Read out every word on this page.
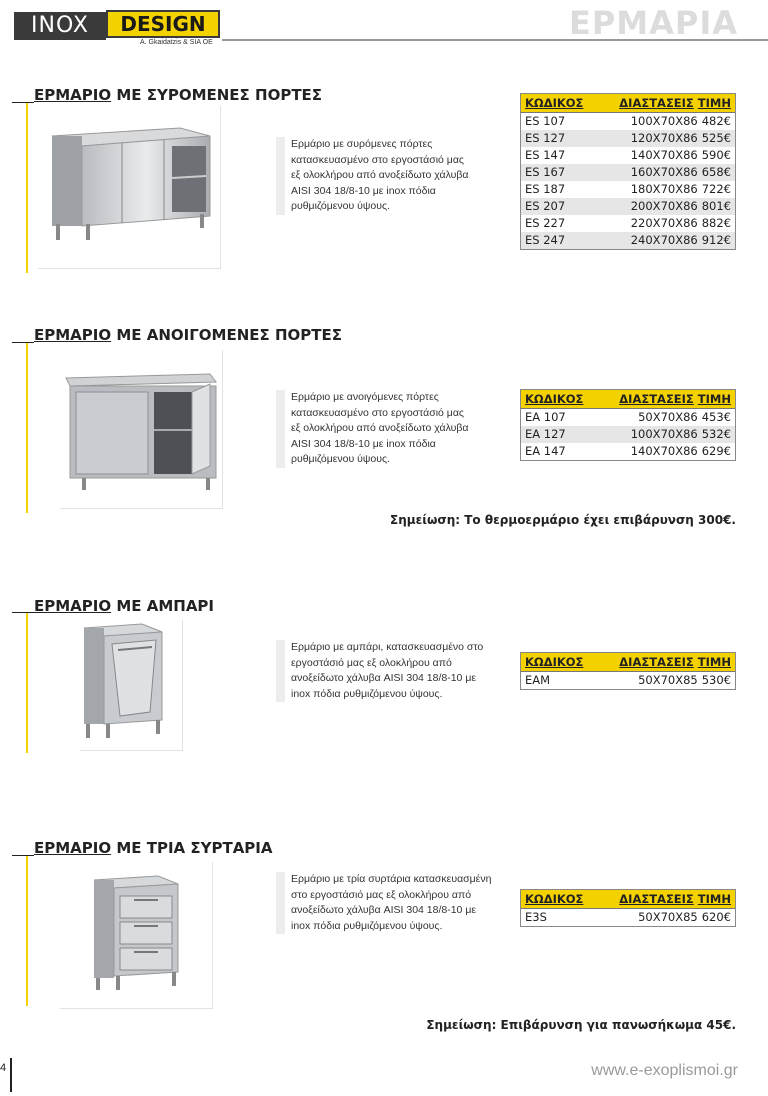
INOX	DESIGN
A. Gkaidatzis & SIA OE
ΕΡΜΑΡΙΑ
ΕΡΜΑΡΙΟ ΜΕ ΣΥΡΟΜΕΝΕΣ ΠΟΡΤΕΣ
Ερμάριο με συρόμενες πόρτες
κατασκευασμένο στο εργοστάσιό μας
εξ ολοκλήρου από ανοξείδωτο χάλυβα
AISI 304 18/8-10 με inox πόδια
ρυθμιζόμενου ύψους.
ΚΩΔΙΚΟΣ	ΔΙΑΣΤΑΣΕΙΣ ΤΙΜΗ
ES 107	100X70X86 482€
ES 127	120X70X86 525€
ES 147	140X70X86 590€
ES 167	160X70X86 658€
ES 187	180X70X86 722€
ES 207	200X70X86 801€
ES 227	220X70X86 882€
ES 247	240X70X86 912€
ΕΡΜΑΡΙΟ ΜΕ ΑΝΟΙΓΟΜΕΝΕΣ ΠΟΡΤΕΣ
Ερμάριο με ανοιγόμενες πόρτες
κατασκευασμένο στο εργοστάσιό μας
εξ ολοκλήρου από ανοξείδωτο χάλυβα
AISI 304 18/8-10 με inox πόδια
ρυθμιζόμενου ύψους.
ΚΩΔΙΚΟΣ	ΔΙΑΣΤΑΣΕΙΣ ΤΙΜΗ
EA 107	50X70X86 453€
EA 127	100X70X86 532€
EA 147	140X70X86 629€
Σημείωση: Το θερμοερμάριο έχει επιβάρυνση 300€.
ΕΡΜΑΡΙΟ ΜΕ ΑΜΠΑΡΙ
Ερμάριο με αμπάρι, κατασκευασμένο στο
εργοστάσιό μας εξ ολοκλήρου από
ανοξείδωτο χάλυβα AISI 304 18/8-10 με
inox πόδια ρυθμιζόμενου ύψους.
ΚΩΔΙΚΟΣ	ΔΙΑΣΤΑΣΕΙΣ ΤΙΜΗ
EAM	50X70X85 530€
ΕΡΜΑΡΙΟ ΜΕ ΤΡΙΑ ΣΥΡΤΑΡΙΑ
Ερμάριο με τρία συρτάρια κατασκευασμένη
στο εργοστάσιό μας εξ ολοκλήρου από
ανοξείδωτο χάλυβα AISI 304 18/8-10 με
inox πόδια ρυθμιζόμενου ύψους.
ΚΩΔΙΚΟΣ	ΔΙΑΣΤΑΣΕΙΣ ΤΙΜΗ
E3S	50X70X85 620€
Σημείωση: Επιβάρυνση για πανωσήκωμα 45€.
4	www.e-exoplismoi.gr
